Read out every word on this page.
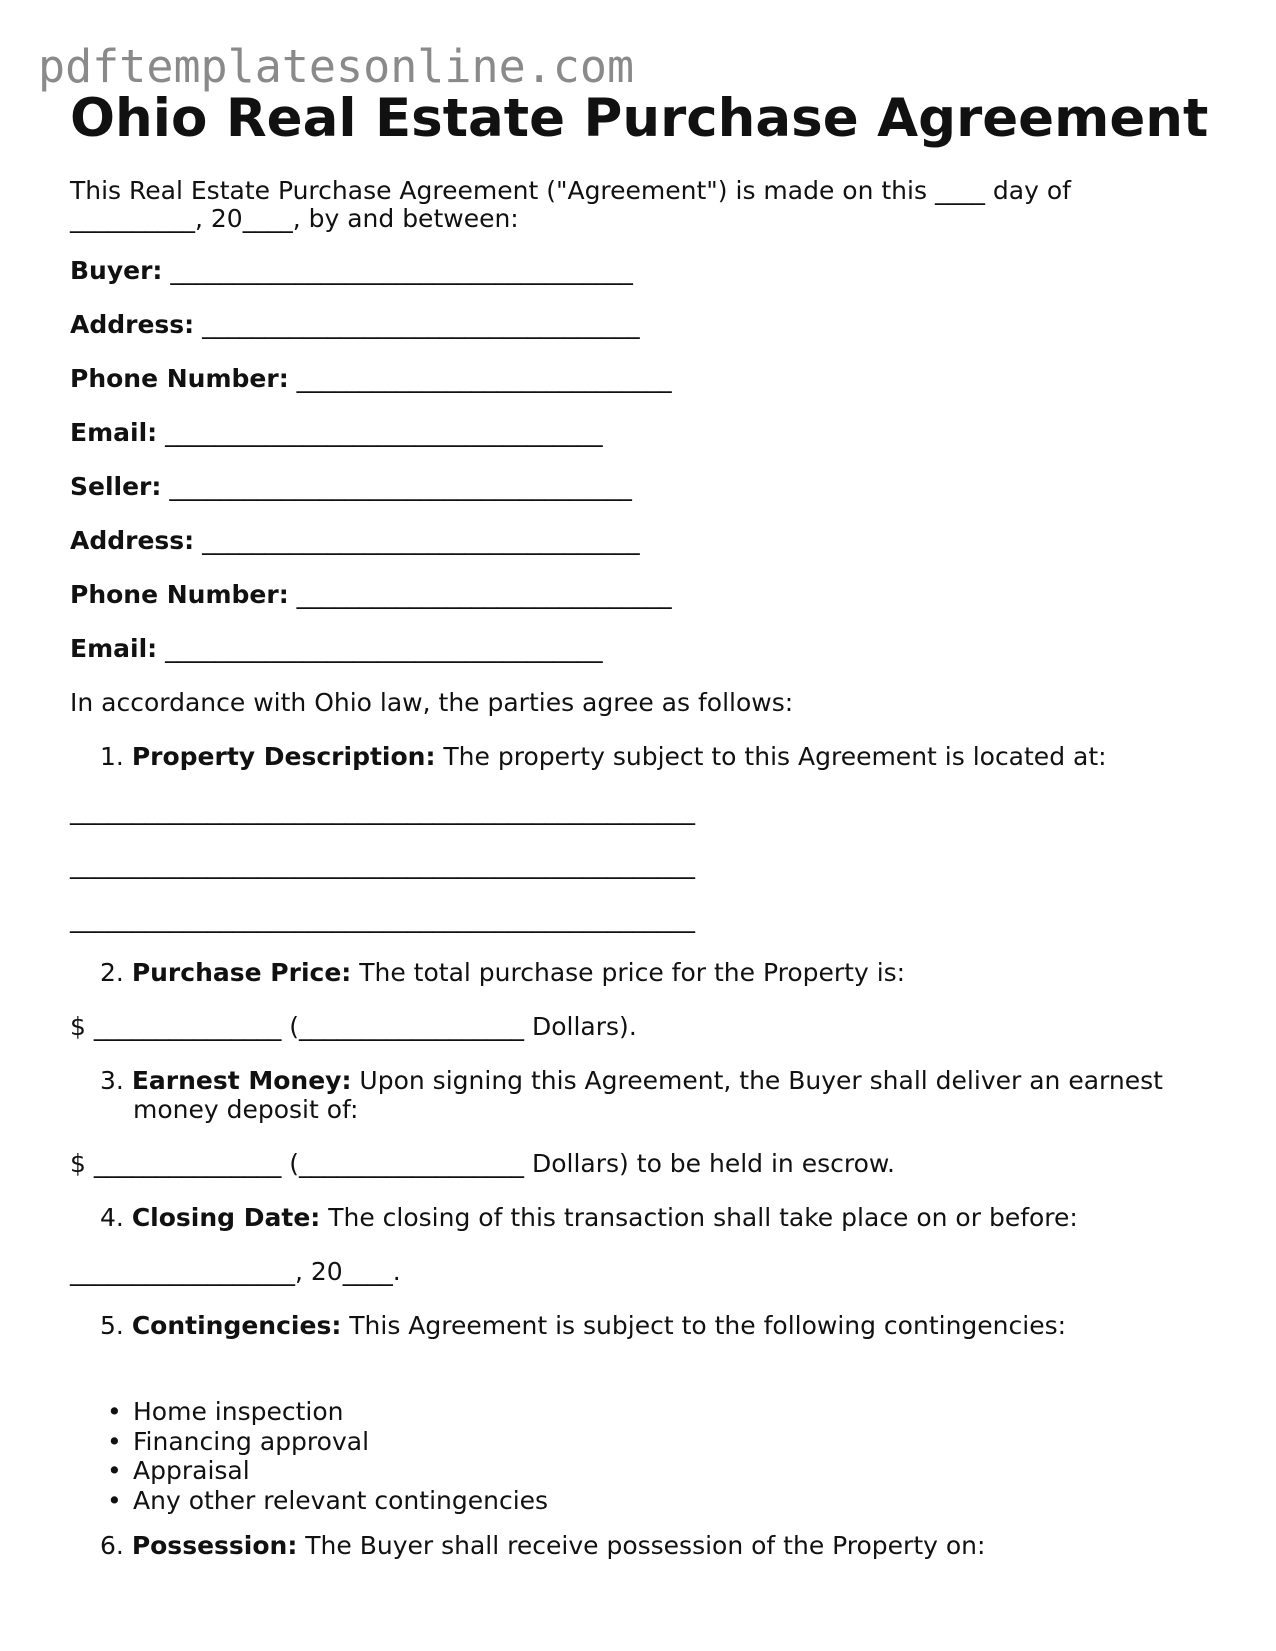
pdftemplatesonline.com
Ohio Real Estate Purchase Agreement

This Real Estate Purchase Agreement ("Agreement") is made on this ____ day of

__________, 20____, by and between:

Buyer: _____________________________________

Address: ___________________________________

Phone Number: ______________________________

Email: ___________________________________

Seller: _____________________________________

Address: ___________________________________

Phone Number: ______________________________

Email: ___________________________________

In accordance with Ohio law, the parties agree as follows:

1. Property Description: The property subject to this Agreement is located at:

__________________________________________________

__________________________________________________

__________________________________________________

2. Purchase Price: The total purchase price for the Property is:

$ _______________ (__________________ Dollars).

3. Earnest Money: Upon signing this Agreement, the Buyer shall deliver an earnest

money deposit of:

$ _______________ (__________________ Dollars) to be held in escrow.

4. Closing Date: The closing of this transaction shall take place on or before:

__________________, 20____.

5. Contingencies: This Agreement is subject to the following contingencies:

• Home inspection
• Financing approval
• Appraisal
• Any other relevant contingencies

6. Possession: The Buyer shall receive possession of the Property on:
